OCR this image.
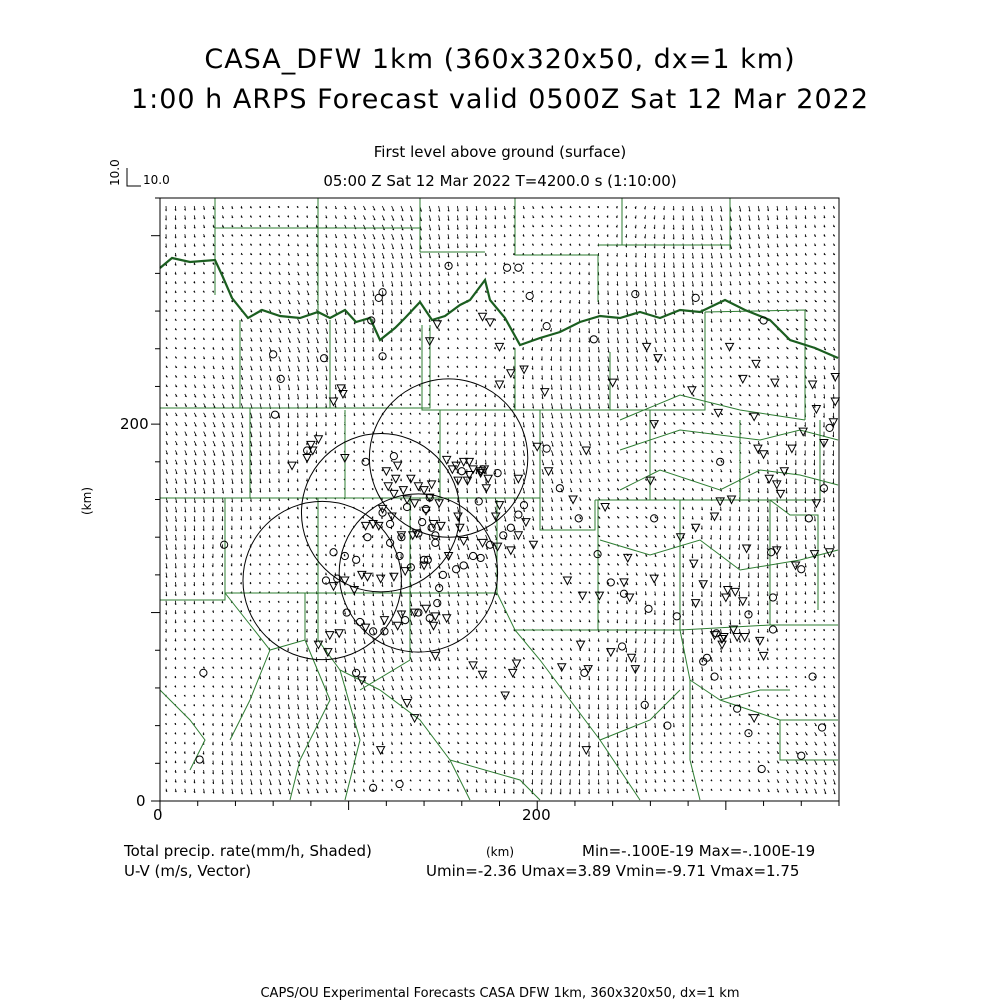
CASA_DFW 1km (360x320x50, dx=1 km)
1:00 h ARPS Forecast valid 0500Z Sat 12 Mar 2022
First level above ground (surface)
05:00 Z Sat 12 Mar 2022 T=4200.0 s (1:10:00)
10.0 10.0
0
200
(km)
0	200
(km)
Total precip. rate(mm/h, Shaded)
U-V (m/s, Vector)
Min=-.100E-19 Max=-.100E-19
Umin=-2.36 Umax=3.89 Vmin=-9.71 Vmax=1.75
CAPS/OU Experimental Forecasts CASA DFW 1km, 360x320x50, dx=1 km
